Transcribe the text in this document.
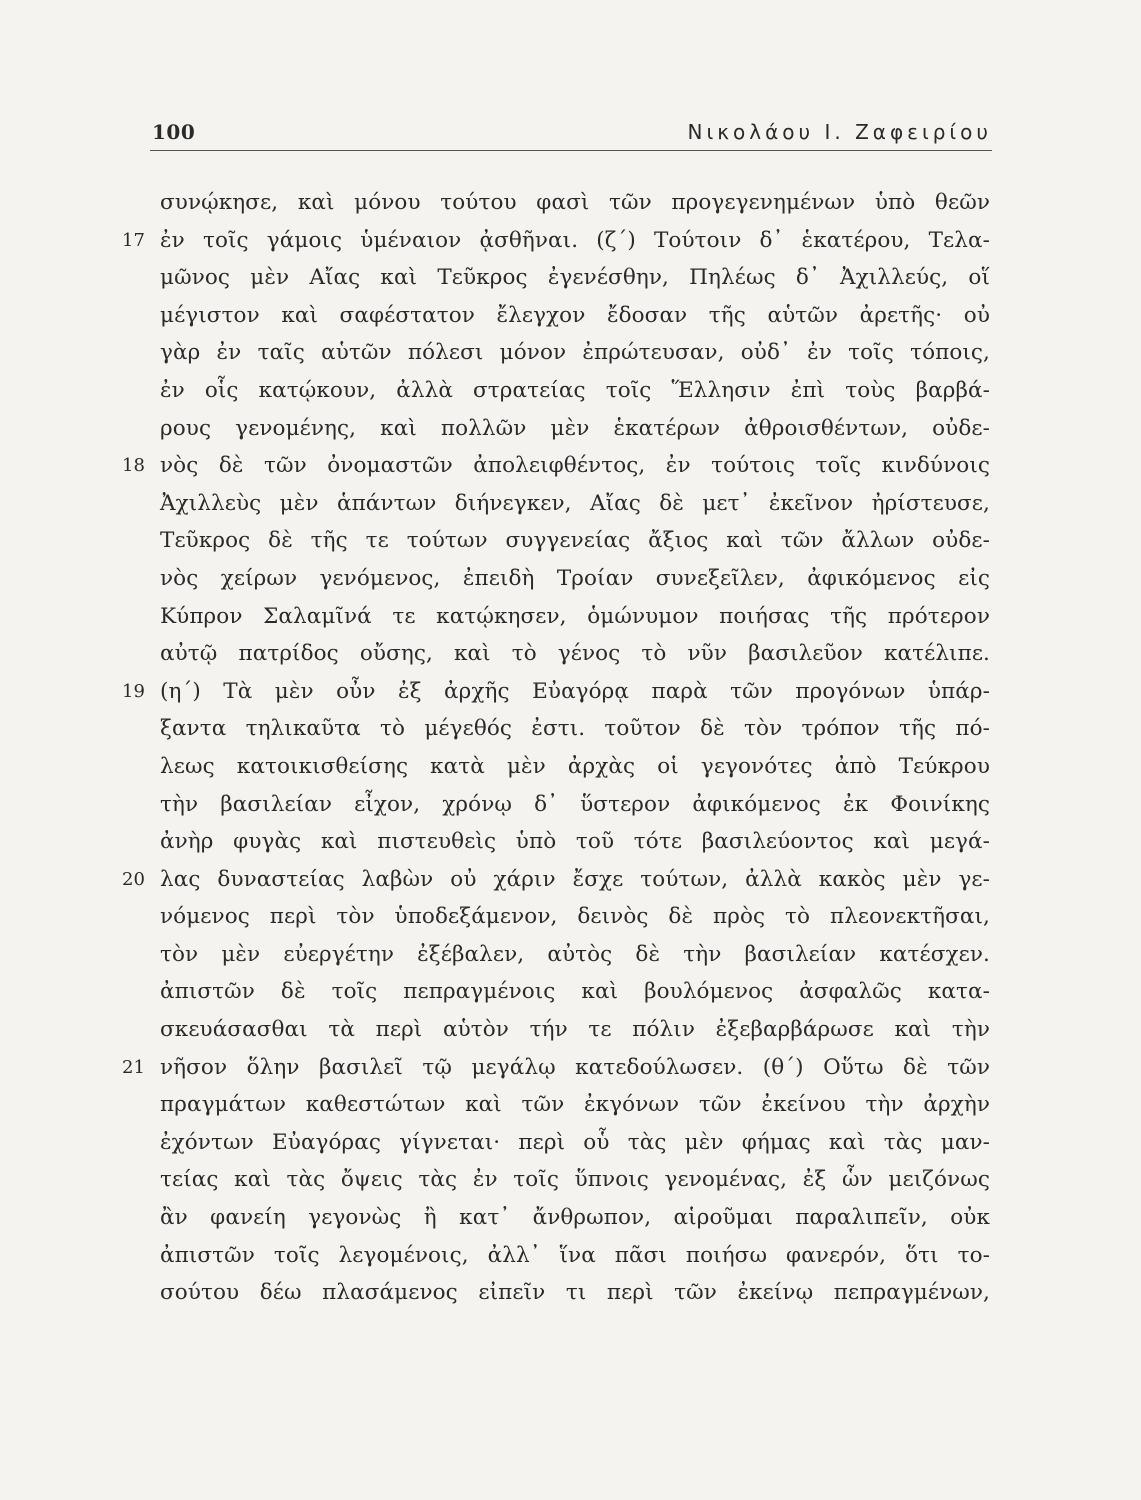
100	Νικολάου Ι. Ζαφειρίου
συνῴκησε, καὶ μόνου τούτου φασὶ τῶν προγεγενημένων ὑπὸ θεῶν
17 ἐν τοῖς γάμοις ὑμέναιον ᾀσθῆναι. (ζ΄) Τούτοιν δ᾽ ἑκατέρου, Τελα-
μῶνος μὲν Αἴας καὶ Τεῦκρος ἐγενέσθην, Πηλέως δ᾽ Ἀχιλλεύς, οἵ
μέγιστον καὶ σαφέστατον ἔλεγχον ἔδοσαν τῆς αὑτῶν ἀρετῆς· οὐ
γὰρ ἐν ταῖς αὑτῶν πόλεσι μόνον ἐπρώτευσαν, οὐδ᾽ ἐν τοῖς τόποις,
ἐν οἷς κατῴκουν, ἀλλὰ στρατείας τοῖς Ἕλλησιν ἐπὶ τοὺς βαρβά-
ρους γενομένης, καὶ πολλῶν μὲν ἑκατέρων ἀθροισθέντων, οὐδε-
18 νὸς δὲ τῶν ὀνομαστῶν ἀπολειφθέντος, ἐν τούτοις τοῖς κινδύνοις
Ἀχιλλεὺς μὲν ἁπάντων διήνεγκεν, Αἴας δὲ μετ᾽ ἐκεῖνον ἠρίστευσε,
Τεῦκρος δὲ τῆς τε τούτων συγγενείας ἄξιος καὶ τῶν ἄλλων οὐδε-
νὸς χείρων γενόμενος, ἐπειδὴ Τροίαν συνεξεῖλεν, ἀφικόμενος εἰς
Κύπρον Σαλαμῖνά τε κατῴκησεν, ὁμώνυμον ποιήσας τῆς πρότερον
αὐτῷ πατρίδος οὔσης, καὶ τὸ γένος τὸ νῦν βασιλεῦον κατέλιπε.
19 (η΄) Τὰ μὲν οὖν ἐξ ἀρχῆς Εὐαγόρᾳ παρὰ τῶν προγόνων ὑπάρ-
ξαντα τηλικαῦτα τὸ μέγεθός ἐστι. τοῦτον δὲ τὸν τρόπον τῆς πό-
λεως κατοικισθείσης κατὰ μὲν ἀρχὰς οἱ γεγονότες ἀπὸ Τεύκρου
τὴν βασιλείαν εἶχον, χρόνῳ δ᾽ ὕστερον ἀφικόμενος ἐκ Φοινίκης
ἀνὴρ φυγὰς καὶ πιστευθεὶς ὑπὸ τοῦ τότε βασιλεύοντος καὶ μεγά-
20 λας δυναστείας λαβὼν οὐ χάριν ἔσχε τούτων, ἀλλὰ κακὸς μὲν γε-
νόμενος περὶ τὸν ὑποδεξάμενον, δεινὸς δὲ πρὸς τὸ πλεονεκτῆσαι,
τὸν μὲν εὐεργέτην ἐξέβαλεν, αὐτὸς δὲ τὴν βασιλείαν κατέσχεν.
ἀπιστῶν δὲ τοῖς πεπραγμένοις καὶ βουλόμενος ἀσφαλῶς κατα-
σκευάσασθαι τὰ περὶ αὑτὸν τήν τε πόλιν ἐξεβαρβάρωσε καὶ τὴν
21 νῆσον ὅλην βασιλεῖ τῷ μεγάλῳ κατεδούλωσεν. (θ΄) Οὕτω δὲ τῶν
πραγμάτων καθεστώτων καὶ τῶν ἐκγόνων τῶν ἐκείνου τὴν ἀρχὴν
ἐχόντων Εὐαγόρας γίγνεται· περὶ οὗ τὰς μὲν φήμας καὶ τὰς μαν-
τείας καὶ τὰς ὄψεις τὰς ἐν τοῖς ὕπνοις γενομένας, ἐξ ὧν μειζόνως
ἂν φανείη γεγονὼς ἢ κατ᾽ ἄνθρωπον, αἱροῦμαι παραλιπεῖν, οὐκ
ἀπιστῶν τοῖς λεγομένοις, ἀλλ᾽ ἵνα πᾶσι ποιήσω φανερόν, ὅτι το-
σούτου δέω πλασάμενος εἰπεῖν τι περὶ τῶν ἐκείνῳ πεπραγμένων,
